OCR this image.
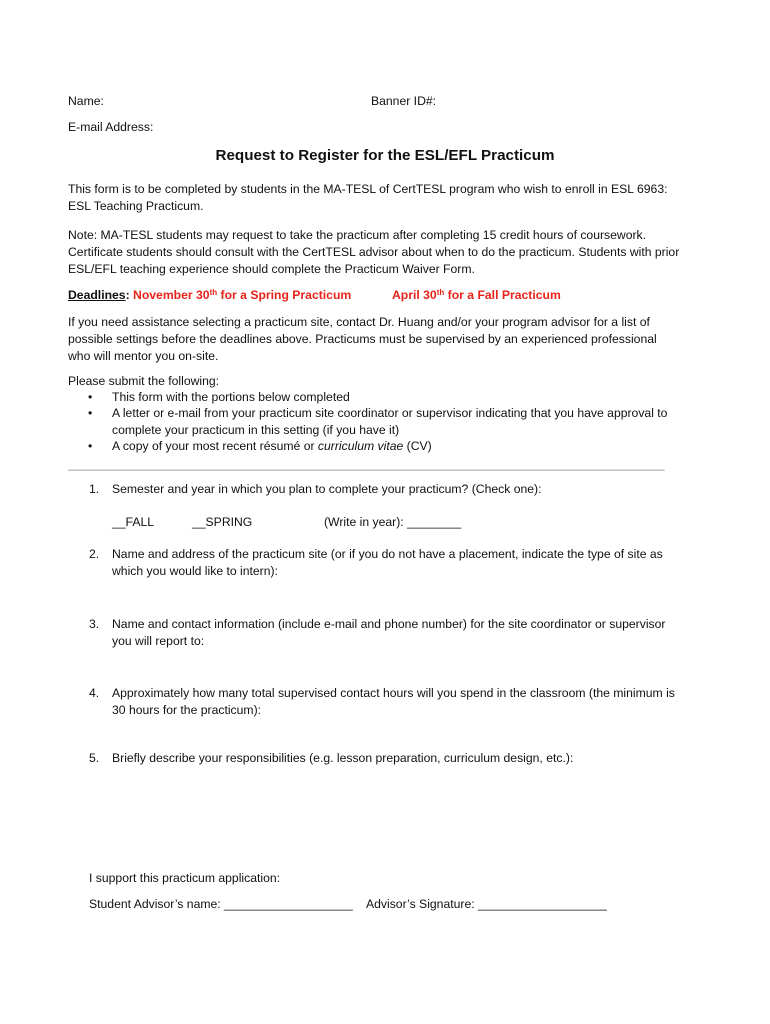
Name:	Banner ID#:
E-mail Address:
Request to Register for the ESL/EFL Practicum
This form is to be completed by students in the MA-TESL of CertTESL program who wish to enroll in ESL 6963:
ESL Teaching Practicum.
Note: MA-TESL students may request to take the practicum after completing 15 credit hours of coursework.
Certificate students should consult with the CertTESL advisor about when to do the practicum. Students with prior
ESL/EFL teaching experience should complete the Practicum Waiver Form.
Deadlines: November 30th for a Spring Practicum	April 30th for a Fall Practicum
If you need assistance selecting a practicum site, contact Dr. Huang and/or your program advisor for a list of
possible settings before the deadlines above. Practicums must be supervised by an experienced professional
who will mentor you on-site.
Please submit the following:
• This form with the portions below completed
• A letter or e-mail from your practicum site coordinator or supervisor indicating that you have approval to
complete your practicum in this setting (if you have it)
• A copy of your most recent résumé or curriculum vitae (CV)
________________________________________________________________________________________
1. Semester and year in which you plan to complete your practicum? (Check one):
__FALL	__SPRING	(Write in year): ________
2. Name and address of the practicum site (or if you do not have a placement, indicate the type of site as
which you would like to intern):
3. Name and contact information (include e-mail and phone number) for the site coordinator or supervisor
you will report to:
4. Approximately how many total supervised contact hours will you spend in the classroom (the minimum is
30 hours for the practicum):
5. Briefly describe your responsibilities (e.g. lesson preparation, curriculum design, etc.):
I support this practicum application:
Student Advisor’s name: ___________________ Advisor’s Signature: ___________________
